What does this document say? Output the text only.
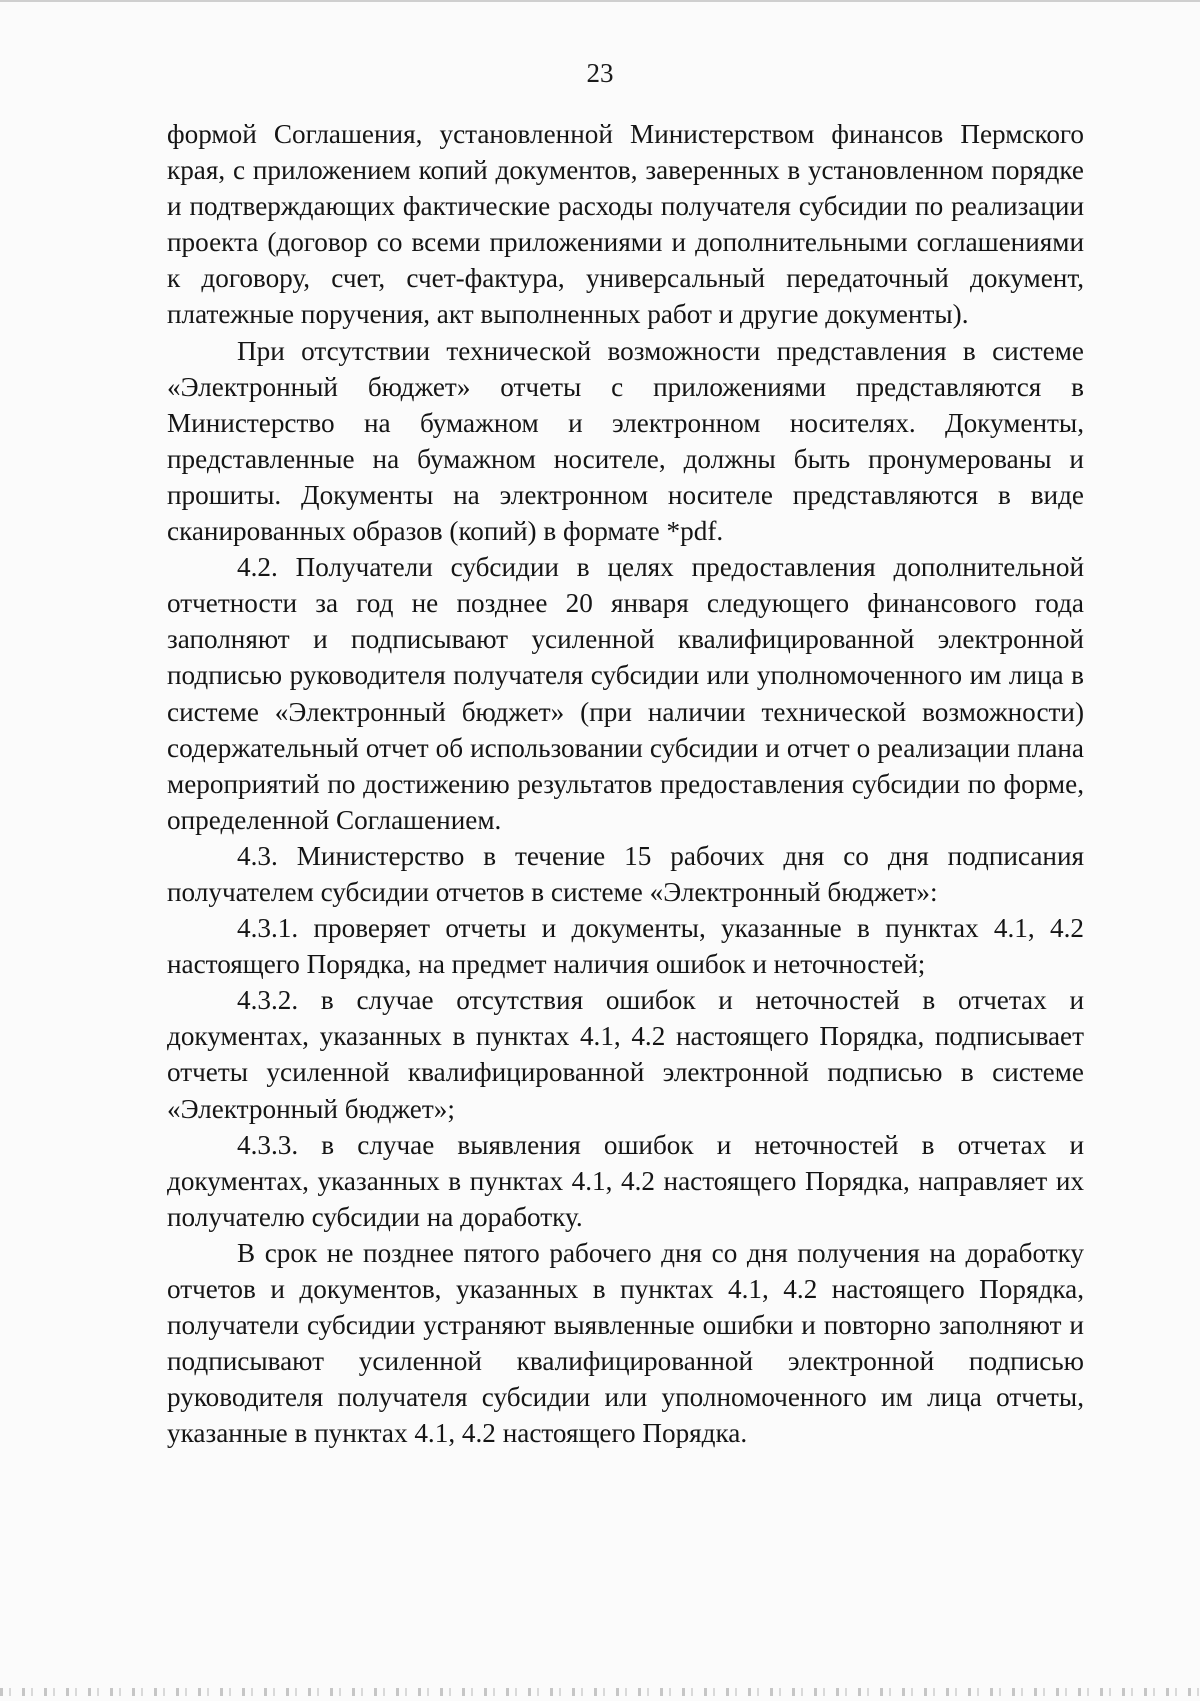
23

формой Соглашения, установленной Министерством финансов Пермского края, с приложением копий документов, заверенных в установленном порядке и подтверждающих фактические расходы получателя субсидии по реализации проекта (договор со всеми приложениями и дополнительными соглашениями к договору, счет, счет-фактура, универсальный передаточный документ, платежные поручения, акт выполненных работ и другие документы).

При отсутствии технической возможности представления в системе «Электронный бюджет» отчеты с приложениями представляются в Министерство на бумажном и электронном носителях. Документы, представленные на бумажном носителе, должны быть пронумерованы и прошиты. Документы на электронном носителе представляются в виде сканированных образов (копий) в формате *pdf.

4.2. Получатели субсидии в целях предоставления дополнительной отчетности за год не позднее 20 января следующего финансового года заполняют и подписывают усиленной квалифицированной электронной подписью руководителя получателя субсидии или уполномоченного им лица в системе «Электронный бюджет» (при наличии технической возможности) содержательный отчет об использовании субсидии и отчет о реализации плана мероприятий по достижению результатов предоставления субсидии по форме, определенной Соглашением.

4.3. Министерство в течение 15 рабочих дня со дня подписания получателем субсидии отчетов в системе «Электронный бюджет»:

4.3.1. проверяет отчеты и документы, указанные в пунктах 4.1, 4.2 настоящего Порядка, на предмет наличия ошибок и неточностей;

4.3.2. в случае отсутствия ошибок и неточностей в отчетах и документах, указанных в пунктах 4.1, 4.2 настоящего Порядка, подписывает отчеты усиленной квалифицированной электронной подписью в системе «Электронный бюджет»;

4.3.3. в случае выявления ошибок и неточностей в отчетах и документах, указанных в пунктах 4.1, 4.2 настоящего Порядка, направляет их получателю субсидии на доработку.

В срок не позднее пятого рабочего дня со дня получения на доработку отчетов и документов, указанных в пунктах 4.1, 4.2 настоящего Порядка, получатели субсидии устраняют выявленные ошибки и повторно заполняют и подписывают усиленной квалифицированной электронной подписью руководителя получателя субсидии или уполномоченного им лица отчеты, указанные в пунктах 4.1, 4.2 настоящего Порядка.
